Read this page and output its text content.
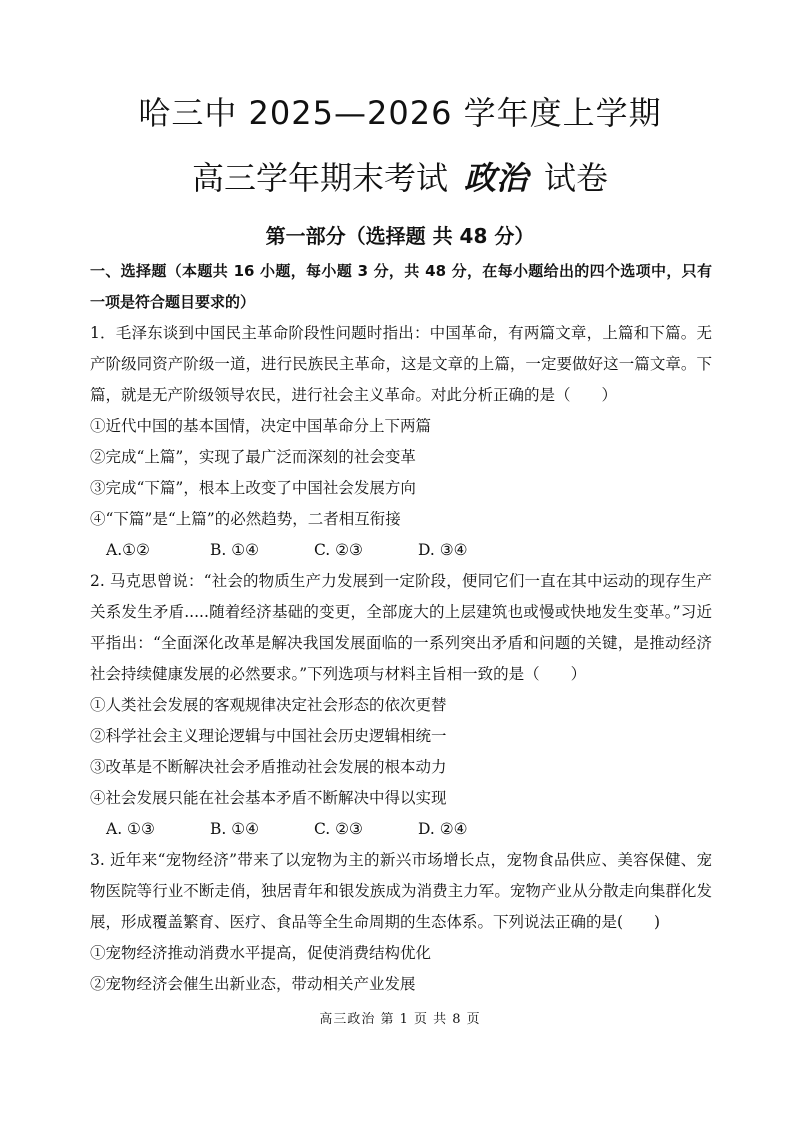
哈三中 2025—2026 学年度上学期
高三学年期末考试 政治 试卷
第一部分（选择题 共 48 分）

一、选择题（本题共 16 小题，每小题 3 分，共 48 分，在每小题给出的四个选项中，只有一项是符合题目要求的）

1．毛泽东谈到中国民主革命阶段性问题时指出：中国革命，有两篇文章，上篇和下篇。无产阶级同资产阶级一道，进行民族民主革命，这是文章的上篇，一定要做好这一篇文章。下篇，就是无产阶级领导农民，进行社会主义革命。对此分析正确的是（　　）

①近代中国的基本国情，决定中国革命分上下两篇

②完成“上篇”，实现了最广泛而深刻的社会变革

③完成“下篇”，根本上改变了中国社会发展方向

④“下篇”是“上篇”的必然趋势，二者相互衔接

A.①②	B. ①④	C. ②③	D. ③④

2. 马克思曾说：“社会的物质生产力发展到一定阶段，便同它们一直在其中运动的现存生产关系发生矛盾.....随着经济基础的变更，全部庞大的上层建筑也或慢或快地发生变革。”习近平指出：“全面深化改革是解决我国发展面临的一系列突出矛盾和问题的关键，是推动经济社会持续健康发展的必然要求。”下列选项与材料主旨相一致的是（　　）

①人类社会发展的客观规律决定社会形态的依次更替

②科学社会主义理论逻辑与中国社会历史逻辑相统一

③改革是不断解决社会矛盾推动社会发展的根本动力

④社会发展只能在社会基本矛盾不断解决中得以实现

A. ①③	B. ①④	C. ②③	D. ②④

3. 近年来“宠物经济”带来了以宠物为主的新兴市场增长点，宠物食品供应、美容保健、宠物医院等行业不断走俏，独居青年和银发族成为消费主力军。宠物产业从分散走向集群化发展，形成覆盖繁育、医疗、食品等全生命周期的生态体系。下列说法正确的是(　　)

①宠物经济推动消费水平提高，促使消费结构优化

②宠物经济会催生出新业态，带动相关产业发展

高三政治 第 1 页 共 8 页
